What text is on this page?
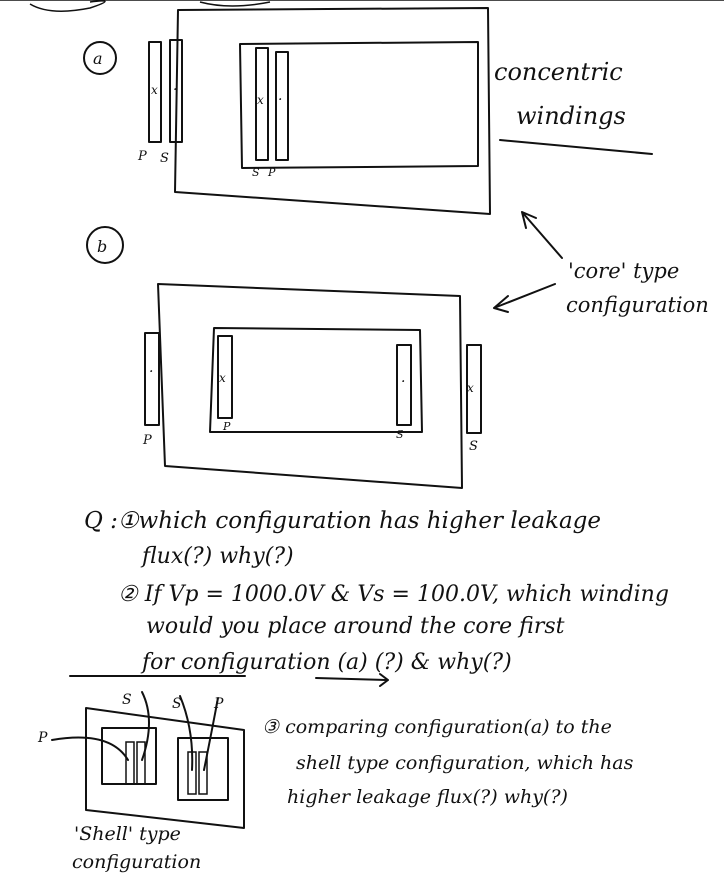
a
x ·
P S
x ·
S P
concentric
windings
b
·
P
x
P
·
S
x
S
'core' type
configuration
P
S	S P
'Shell' type
configuration
Q :①which configuration has higher leakage
flux(?) why(?)
② If Vp = 1000.0V & Vs = 100.0V, which winding
would you place around the core first
for configuration (a) (?) & why(?)
③ comparing configuration(a) to the
shell type configuration, which has
higher leakage flux(?) why(?)
